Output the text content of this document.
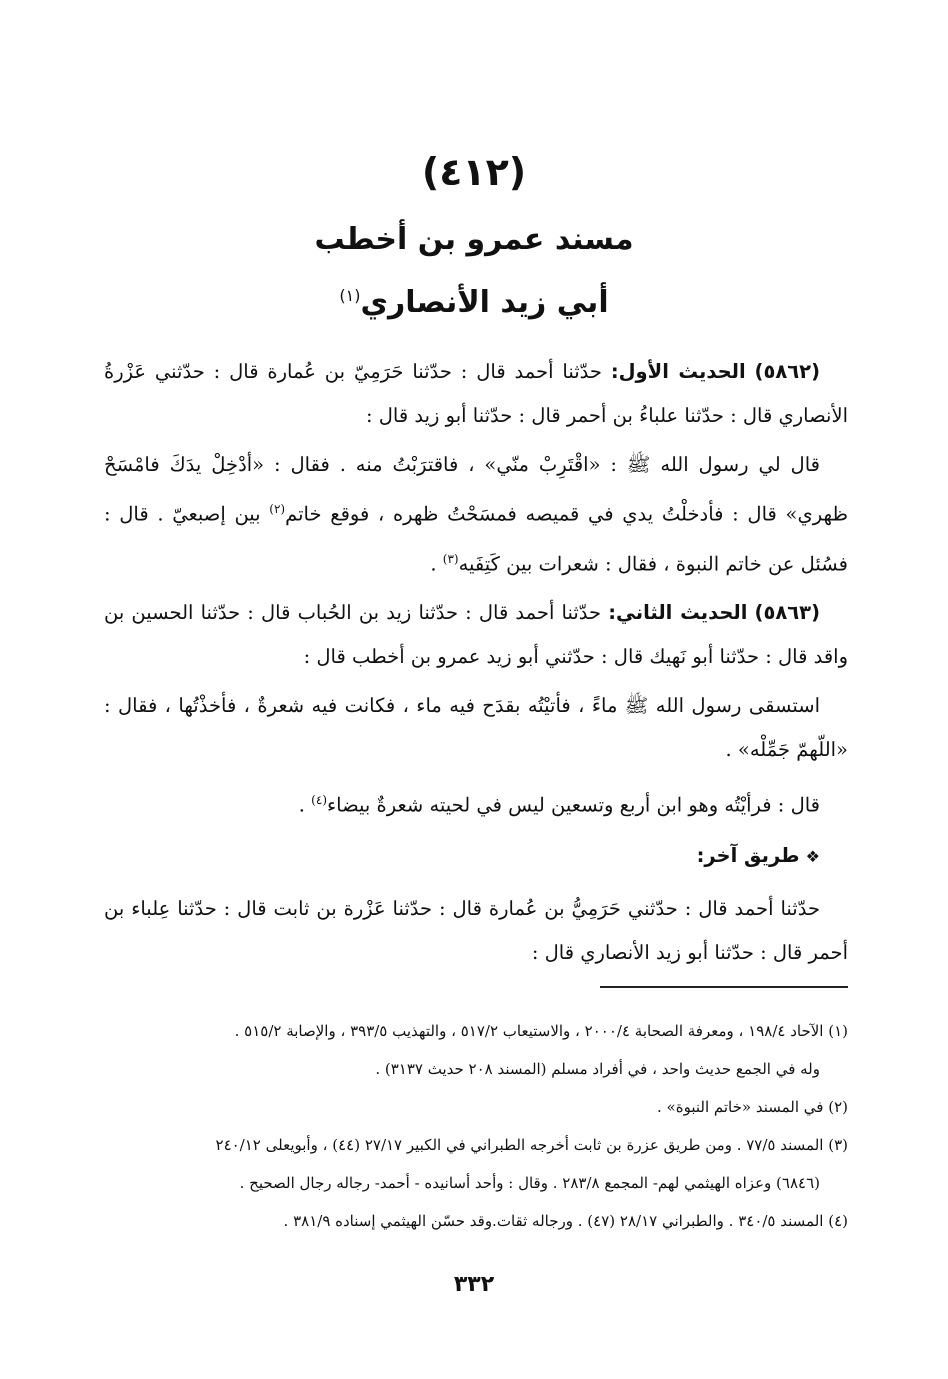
(٤١٢)
مسند عمرو بن أخطب
أبي زيد الأنصاري$^{(١)}$
(٥٨٦٢) الحديث الأول: حدّثنا أحمد قال : حدّثنا حَرَمِيّ بن عُمارة قال : حدّثني عَزْرةُ الأنصاري قال : حدّثنا علباءُ بن أحمر قال : حدّثنا أبو زيد قال :
قال لي رسول الله ﷺ : «اقْتَرِبْ منّي» ، فاقترَبْتُ منه . فقال : «أدْخِلْ يدَكَ فامْسَحْ ظهري» قال : فأدخلْتُ يدي في قميصه فمسَحْتُ ظهره ، فوقع خاتم$^{(٢)}$ بين إصبعيّ . قال : فسُئل عن خاتم النبوة ، فقال : شعرات بين كَتِفَيه$^{(٣)}$ .
(٥٨٦٣) الحديث الثاني: حدّثنا أحمد قال : حدّثنا زيد بن الحُباب قال : حدّثنا الحسين بن واقد قال : حدّثنا أبو نَهيك قال : حدّثني أبو زيد عمرو بن أخطب قال :
استسقى رسول الله ﷺ ماءً ، فأتيْتُه بقدَح فيه ماء ، فكانت فيه شعرةٌ ، فأخذْتُها ، فقال : «اللّهمّ جَمِّلْه» .
قال : فرأيْتُه وهو ابن أربع وتسعين ليس في لحيته شعرةٌ بيضاء$^{(٤)}$ .
❖ طريق آخر:
حدّثنا أحمد قال : حدّثني حَرَمِيُّ بن عُمارة قال : حدّثنا عَزْرة بن ثابت قال : حدّثنا عِلباء بن أحمر قال : حدّثنا أبو زيد الأنصاري قال :
(١) الآحاد ١٩٨/٤ ، ومعرفة الصحابة ٢٠٠٠/٤ ، والاستيعاب ٥١٧/٢ ، والتهذيب ٣٩٣/٥ ، والإصابة ٥١٥/٢ .
وله في الجمع حديث واحد ، في أفراد مسلم (المسند ٢٠٨ حديث ٣١٣٧) .
(٢) في المسند «خاتم النبوة» .
(٣) المسند ٧٧/٥ . ومن طريق عزرة بن ثابت أخرجه الطبراني في الكبير ٢٧/١٧ (٤٤) ، وأبويعلى ٢٤٠/١٢
(٦٨٤٦) وعزاه الهيثمي لهم- المجمع ٢٨٣/٨ . وقال : وأحد أسانيده - أحمد- رجاله رجال الصحيح .
(٤) المسند ٣٤٠/٥ . والطبراني ٢٨/١٧ (٤٧) . ورجاله ثقات.وقد حسّن الهيثمي إسناده ٣٨١/٩ .
٣٣٢
